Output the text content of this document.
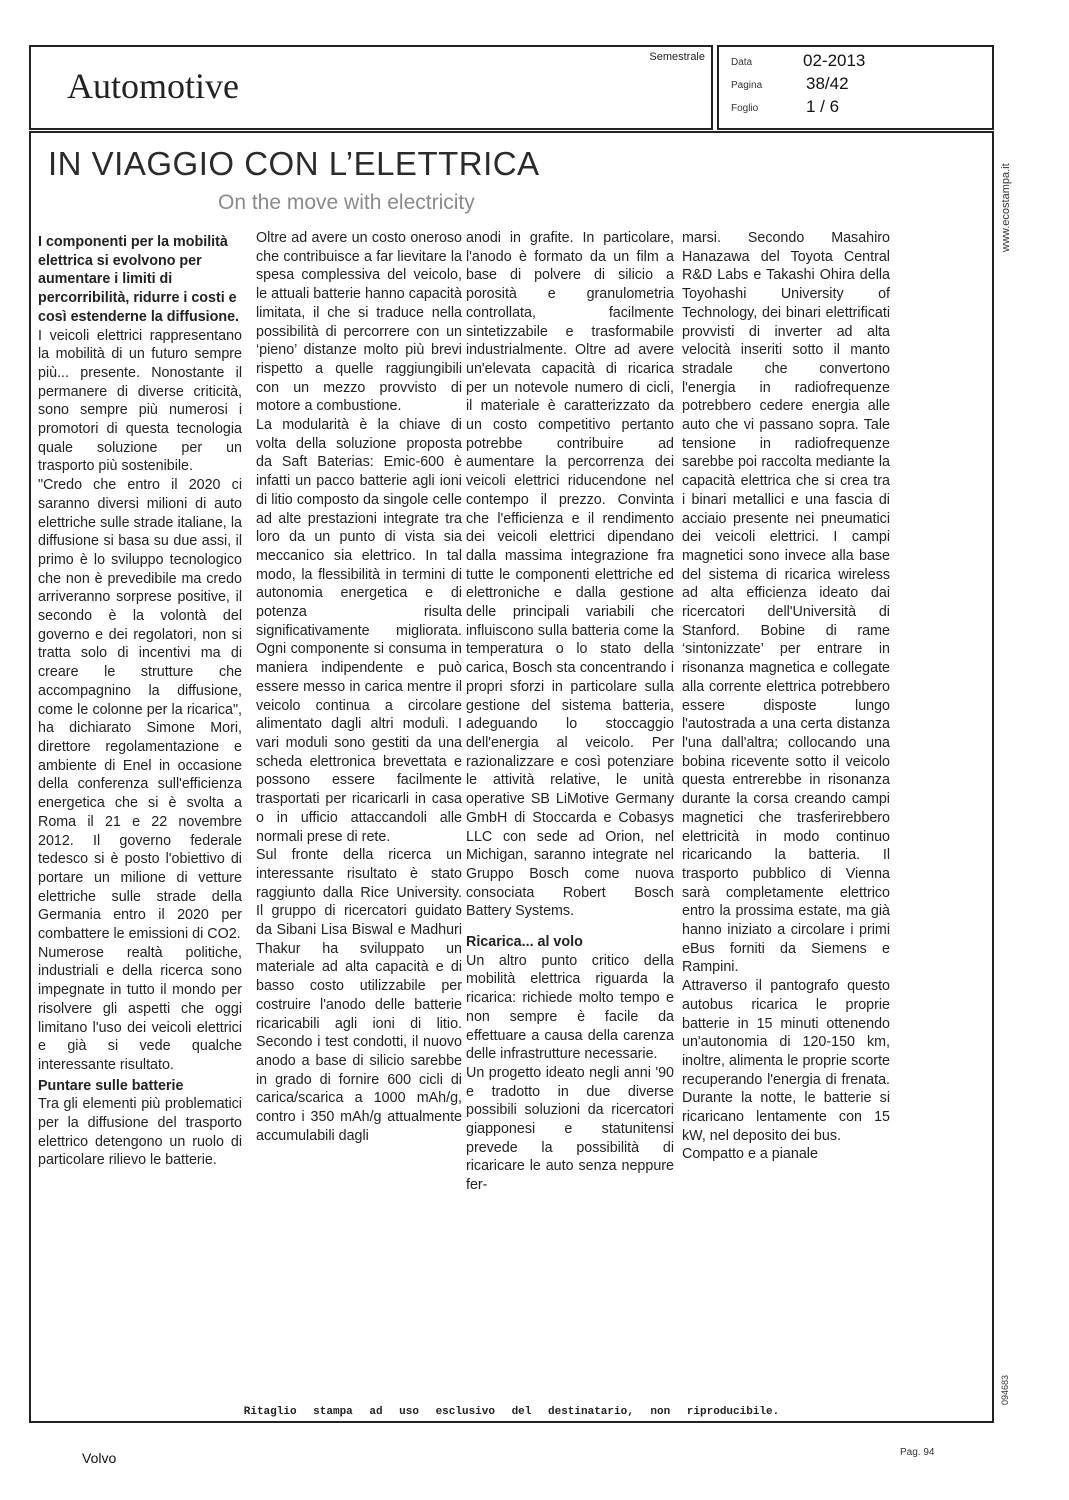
Automotive
Semestrale	Data	02-2013
Pagina	38/42
Foglio	1 / 6
IN VIAGGIO CON L’ELETTRICA
On the move with electricity

I componenti per la mobilità elettrica si evolvono per aumentare i limiti di percorribilità, ridurre i costi e così estenderne la diffusione.

I veicoli elettrici rappresentano la mobilità di un futuro sempre più... presente. Nonostante il permanere di diverse criticità, sono sempre più numerosi i promotori di questa tecnologia quale soluzione per un trasporto più sostenibile.

"Credo che entro il 2020 ci saranno diversi milioni di auto elettriche sulle strade italiane, la diffusione si basa su due assi, il primo è lo sviluppo tecnologico che non è prevedibile ma credo arriveranno sorprese positive, il secondo è la volontà del governo e dei regolatori, non si tratta solo di incentivi ma di creare le strutture che accompagnino la diffusione, come le colonne per la ricarica", ha dichiarato Simone Mori, direttore regolamentazione e ambiente di Enel in occasione della conferenza sull'efficienza energetica che si è svolta a Roma il 21 e 22 novembre 2012. Il governo federale tedesco si è posto l'obiettivo di portare un milione di vetture elettriche sulle strade della Germania entro il 2020 per combattere le emissioni di CO2.

Numerose realtà politiche, industriali e della ricerca sono impegnate in tutto il mondo per risolvere gli aspetti che oggi limitano l'uso dei veicoli elettrici e già si vede qualche interessante risultato.

Puntare sulle batterie

Tra gli elementi più problematici per la diffusione del trasporto elettrico detengono un ruolo di particolare rilievo le batterie.

Oltre ad avere un costo oneroso che contribuisce a far lievitare la spesa complessiva del veicolo, le attuali batterie hanno capacità limitata, il che si traduce nella possibilità di percorrere con un ‘pieno’ distanze molto più brevi rispetto a quelle raggiungibili con un mezzo provvisto di motore a combustione.

La modularità è la chiave di volta della soluzione proposta da Saft Baterias: Emic-600 è infatti un pacco batterie agli ioni di litio composto da singole celle ad alte prestazioni integrate tra loro da un punto di vista sia meccanico sia elettrico. In tal modo, la flessibilità in termini di autonomia energetica e di potenza risulta significativamente migliorata. Ogni componente si consuma in maniera indipendente e può essere messo in carica mentre il veicolo continua a circolare alimentato dagli altri moduli. I vari moduli sono gestiti da una scheda elettronica brevettata e possono essere facilmente trasportati per ricaricarli in casa o in ufficio attaccandoli alle normali prese di rete.

Sul fronte della ricerca un interessante risultato è stato raggiunto dalla Rice University. Il gruppo di ricercatori guidato da Sibani Lisa Biswal e Madhuri Thakur ha sviluppato un materiale ad alta capacità e di basso costo utilizzabile per costruire l'anodo delle batterie ricaricabili agli ioni di litio. Secondo i test condotti, il nuovo anodo a base di silicio sarebbe in grado di fornire 600 cicli di carica/scarica a 1000 mAh/g, contro i 350 mAh/g attualmente accumulabili dagli

anodi in grafite. In particolare, l'anodo è formato da un film a base di polvere di silicio a porosità e granulometria controllata, facilmente sintetizzabile e trasformabile industrialmente. Oltre ad avere un'elevata capacità di ricarica per un notevole numero di cicli, il materiale è caratterizzato da un costo competitivo pertanto potrebbe contribuire ad aumentare la percorrenza dei veicoli elettrici riducendone nel contempo il prezzo. Convinta che l'efficienza e il rendimento dei veicoli elettrici dipendano dalla massima integrazione fra tutte le componenti elettriche ed elettroniche e dalla gestione delle principali variabili che influiscono sulla batteria come la temperatura o lo stato della carica, Bosch sta concentrando i propri sforzi in particolare sulla gestione del sistema batteria, adeguando lo stoccaggio dell'energia al veicolo. Per razionalizzare e così potenziare le attività relative, le unità operative SB LiMotive Germany GmbH di Stoccarda e Cobasys LLC con sede ad Orion, nel Michigan, saranno integrate nel Gruppo Bosch come nuova consociata Robert Bosch Battery Systems.

Ricarica... al volo

Un altro punto critico della mobilità elettrica riguarda la ricarica: richiede molto tempo e non sempre è facile da effettuare a causa della carenza delle infrastrutture necessarie.

Un progetto ideato negli anni '90 e tradotto in due diverse possibili soluzioni da ricercatori giapponesi e statunitensi prevede la possibilità di ricaricare le auto senza neppure fer-

marsi. Secondo Masahiro Hanazawa del Toyota Central R&D Labs e Takashi Ohira della Toyohashi University of Technology, dei binari elettrificati provvisti di inverter ad alta velocità inseriti sotto il manto stradale che convertono l'energia in radiofrequenze potrebbero cedere energia alle auto che vi passano sopra. Tale tensione in radiofrequenze sarebbe poi raccolta mediante la capacità elettrica che si crea tra i binari metallici e una fascia di acciaio presente nei pneumatici dei veicoli elettrici. I campi magnetici sono invece alla base del sistema di ricarica wireless ad alta efficienza ideato dai ricercatori dell'Università di Stanford. Bobine di rame ‘sintonizzate’ per entrare in risonanza magnetica e collegate alla corrente elettrica potrebbero essere disposte lungo l'autostrada a una certa distanza l'una dall'altra; collocando una bobina ricevente sotto il veicolo questa entrerebbe in risonanza durante la corsa creando campi magnetici che trasferirebbero elettricità in modo continuo ricaricando la batteria. Il trasporto pubblico di Vienna sarà completamente elettrico entro la prossima estate, ma già hanno iniziato a circolare i primi eBus forniti da Siemens e Rampini.

Attraverso il pantografo questo autobus ricarica le proprie batterie in 15 minuti ottenendo un'autonomia di 120-150 km, inoltre, alimenta le proprie scorte recuperando l'energia di frenata. Durante la notte, le batterie si ricaricano lentamente con 15 kW, nel deposito dei bus.

Compatto e a pianale

www.ecostampa.it
094683
Ritaglio stampa ad uso esclusivo del destinatario, non riproducibile.
Volvo	Pag. 94
